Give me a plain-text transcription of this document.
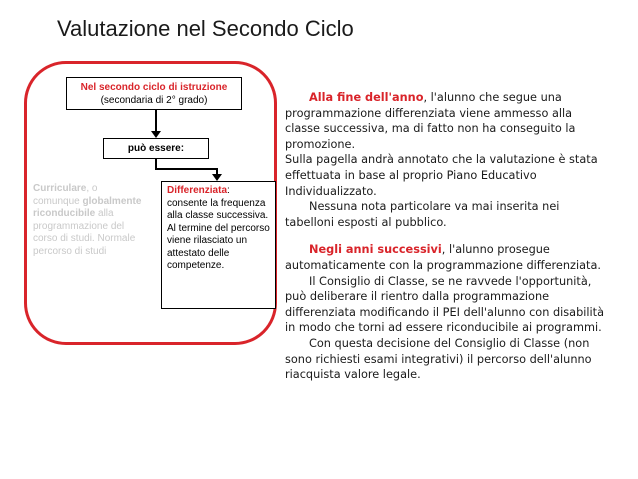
Valutazione nel Secondo Ciclo
Nel secondo ciclo di istruzione
(secondaria di 2° grado)
può essere:
Curriculare, o comunque globalmente riconducibile alla programmazione del corso di studi. Normale percorso di studi
Differenziata: consente la frequenza alla classe successiva. Al termine del percorso viene rilasciato un attestato delle competenze.

Alla fine dell'anno, l'alunno che segue una programmazione differenziata viene ammesso alla classe successiva, ma di fatto non ha conseguito la promozione.

Sulla pagella andrà annotato che la valutazione è stata effettuata in base al proprio Piano Educativo Individualizzato.

Nessuna nota particolare va mai inserita nei tabelloni esposti al pubblico.

Negli anni successivi, l'alunno prosegue automaticamente con la programmazione differenziata.

Il Consiglio di Classe, se ne ravvede l'opportunità, può deliberare il rientro dalla programmazione differenziata modificando il PEI dell'alunno con disabilità in modo che torni ad essere riconducibile ai programmi.

Con questa decisione del Consiglio di Classe (non sono richiesti esami integrativi) il percorso dell'alunno riacquista valore legale.
